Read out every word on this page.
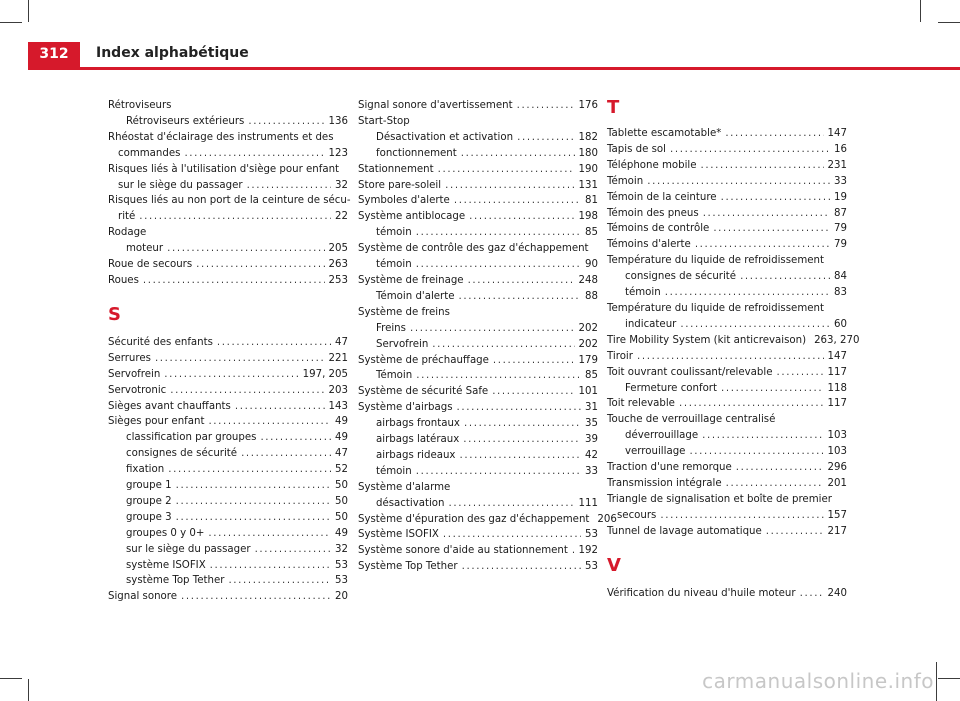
312	Index alphabétique
Rétroviseurs
Rétroviseurs extérieurs .....	136
Rhéostat d'éclairage des instruments et des
commandes .....	123
Risques liés à l'utilisation d'siège pour enfant
sur le siège du passager .....	32
Risques liés au non port de la ceinture de sécu-
rité .....	22
Rodage
moteur .....	205
Roue de secours .....	263
Roues .....	253
S
Sécurité des enfants .....	47
Serrures .....	221
Servofrein .....	197, 205
Servotronic .....	203
Sièges avant chauffants .....	143
Sièges pour enfant .....	49
classification par groupes .....	49
consignes de sécurité .....	47
fixation .....	52
groupe 1 .....	50
groupe 2 .....	50
groupe 3 .....	50
groupes 0 y 0+ .....	49
sur le siège du passager .....	32
système ISOFIX .....	53
système Top Tether .....	53
Signal sonore .....	20
Signal sonore d'avertissement .....	176
Start-Stop
Désactivation et activation .....	182
fonctionnement .....	180
Stationnement .....	190
Store pare-soleil .....	131
Symboles d'alerte .....	81
Système antiblocage .....	198
témoin .....	85
Système de contrôle des gaz d'échappement
témoin .....	90
Système de freinage .....	248
Témoin d'alerte .....	88
Système de freins
Freins .....	202
Servofrein .....	202
Système de préchauffage .....	179
Témoin .....	85
Système de sécurité Safe .....	101
Système d'airbags .....	31
airbags frontaux .....	35
airbags latéraux .....	39
airbags rideaux .....	42
témoin .....	33
Système d'alarme
désactivation .....	111
Système d'épuration des gaz d'échappement 206
Système ISOFIX .....	53
Système sonore d'aide au stationnement ..... 192
Système Top Tether .....	53
T
Tablette escamotable* .....	147
Tapis de sol .....	16
Téléphone mobile .....	231
Témoin .....	33
Témoin de la ceinture .....	19
Témoin des pneus .....	87
Témoins de contrôle .....	79
Témoins d'alerte .....	79
Température du liquide de refroidissement
consignes de sécurité .....	84
témoin .....	83
Température du liquide de refroidissement
indicateur .....	60
Tire Mobility System (kit anticrevaison) 263, 270
Tiroir .....	147
Toit ouvrant coulissant/relevable .....	117
Fermeture confort .....	118
Toit relevable .....	117
Touche de verrouillage centralisé
déverrouillage .....	103
verrouillage .....	103
Traction d'une remorque .....	296
Transmission intégrale .....	201
Triangle de signalisation et boîte de premier
secours .....	157
Tunnel de lavage automatique .....	217
V
Vérification du niveau d'huile moteur .....	240
carmanualsonline.info
